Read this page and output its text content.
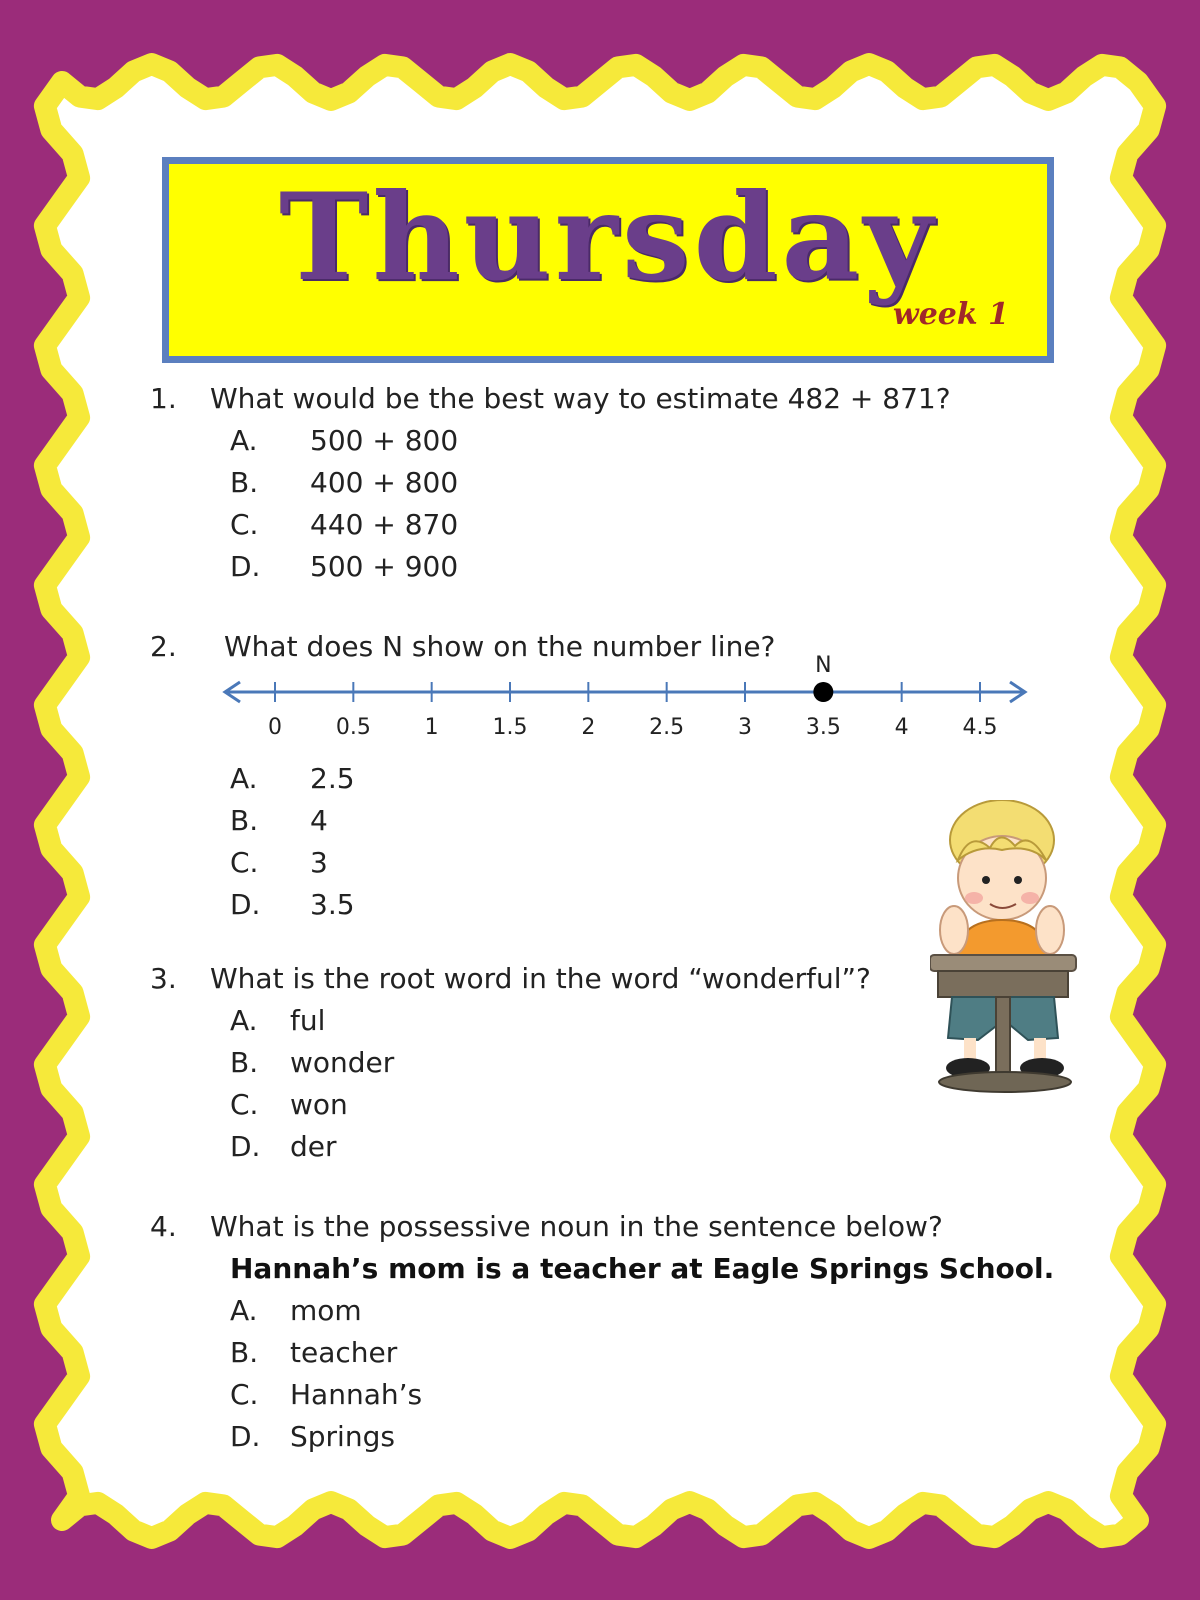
Thursday
week 1
1. What would be the best way to estimate 482 + 871?
A. 500 + 800
B. 400 + 800
C. 440 + 870
D. 500 + 900
2. What does N show on the number line?
0 0.5 1 1.5 2 2.5 3 3.5 4 4.5
N
A. 2.5
B. 4
C. 3
D. 3.5
3. What is the root word in the word “wonderful”?
A. ful
B. wonder
C. won
D. der
4. What is the possessive noun in the sentence below?
Hannah’s mom is a teacher at Eagle Springs School.
A. mom
B. teacher
C. Hannah’s
D. Springs
